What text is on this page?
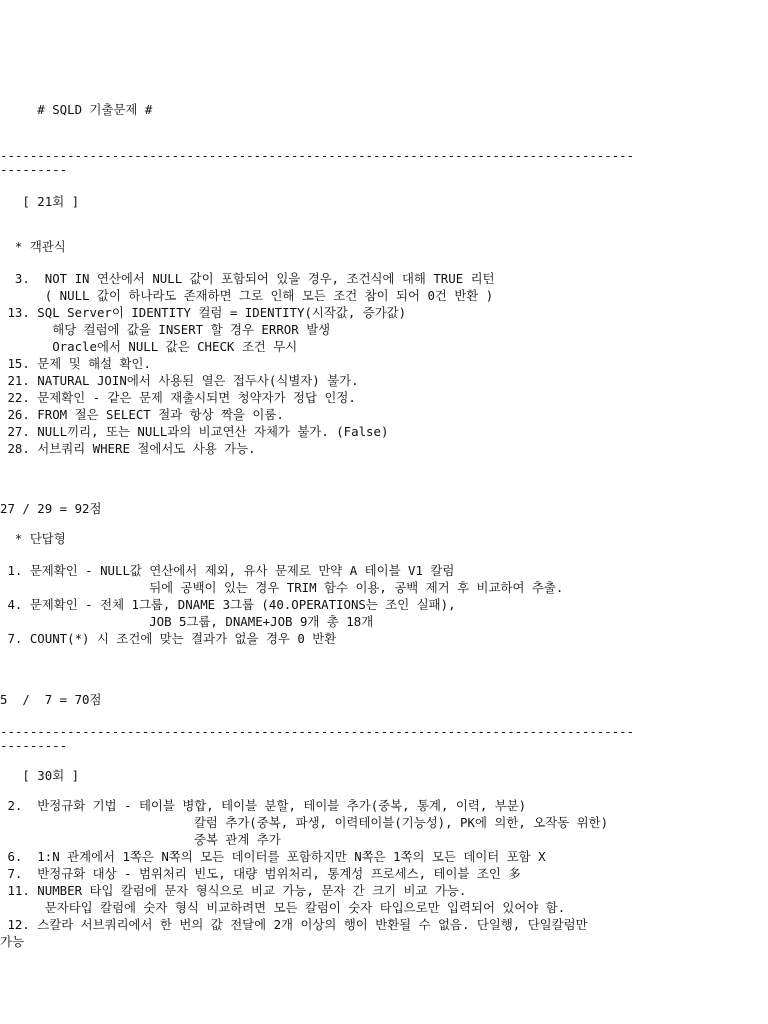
# SQLD 기출문제 #
-------------------------------------------------------------------------------------
---------
[ 21회 ]
* 객관식
3.  NOT IN 연산에서 NULL 값이 포함되어 있을 경우, 조건식에 대해 TRUE 리턴
( NULL 값이 하나라도 존재하면 그로 인해 모든 조건 참이 되어 0건 반환 )
13. SQL Server이 IDENTITY 컬럼 = IDENTITY(시작값, 증가값)
해당 컬럼에 값을 INSERT 할 경우 ERROR 발생
Oracle에서 NULL 값은 CHECK 조건 무시
15. 문제 및 해설 확인.
21. NATURAL JOIN에서 사용된 열은 접두사(식별자) 불가.
22. 문제확인 - 같은 문제 재출시되면 청약자가 정답 인정.
26. FROM 절은 SELECT 절과 항상 짝을 이룸.
27. NULL끼리, 또는 NULL과의 비교연산 자체가 불가. (False)
28. 서브쿼리 WHERE 절에서도 사용 가능.
27 / 29 = 92점
* 단답형
1. 문제확인 - NULL값 연산에서 제외, 유사 문제로 만약 A 테이블 V1 칼럼
뒤에 공백이 있는 경우 TRIM 함수 이용, 공백 제거 후 비교하여 추출.
4. 문제확인 - 전체 1그룹, DNAME 3그룹 (40.OPERATIONS는 조인 실패),
JOB 5그룹, DNAME+JOB 9개 총 18개
7. COUNT(*) 시 조건에 맞는 결과가 없을 경우 0 반환
5  /  7 = 70점
-------------------------------------------------------------------------------------
---------
[ 30회 ]
2.  반정규화 기법 - 테이블 병합, 테이블 분할, 테이블 추가(중복, 통계, 이력, 부분)
칼럼 추가(중복, 파생, 이력테이블(기능성), PK에 의한, 오작동 위한)
중복 관계 추가
6.  1:N 관계에서 1쪽은 N쪽의 모든 데이터를 포함하지만 N쪽은 1쪽의 모든 데이터 포함 X
7.  반정규화 대상 - 범위처리 빈도, 대량 범위처리, 통계성 프로세스, 테이블 조인 多
11. NUMBER 타입 칼럼에 문자 형식으로 비교 가능, 문자 간 크기 비교 가능.
문자타입 칼럼에 숫자 형식 비교하려면 모든 칼럼이 숫자 타입으로만 입력되어 있어야 함.
12. 스칼라 서브쿼리에서 한 번의 값 전달에 2개 이상의 행이 반환될 수 없음. 단일행, 단일칼럼만
가능
